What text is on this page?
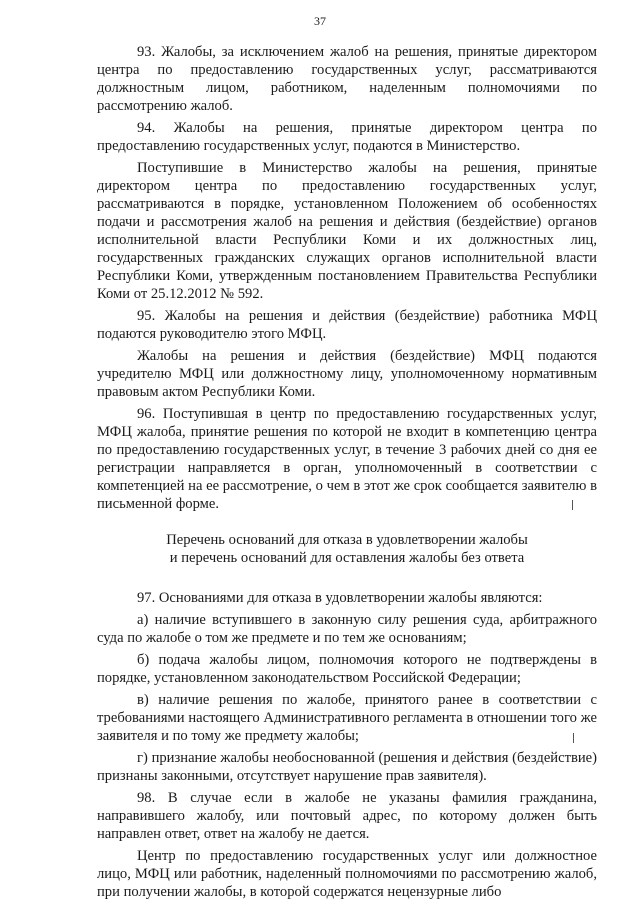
37

93. Жалобы, за исключением жалоб на решения, принятые директором центра по предоставлению государственных услуг, рассматриваются должностным лицом, работником, наделенным полномочиями по рассмотрению жалоб.

94. Жалобы на решения, принятые директором центра по предоставлению государственных услуг, подаются в Министерство.

Поступившие в Министерство жалобы на решения, принятые директором центра по предоставлению государственных услуг, рассматриваются в порядке, установленном Положением об особенностях подачи и рассмотрения жалоб на решения и действия (бездействие) органов исполнительной власти Республики Коми и их должностных лиц, государственных гражданских служащих органов исполнительной власти Республики Коми, утвержденным постановлением Правительства Республики Коми от 25.12.2012 № 592.

95. Жалобы на решения и действия (бездействие) работника МФЦ подаются руководителю этого МФЦ.

Жалобы на решения и действия (бездействие) МФЦ подаются учредителю МФЦ или должностному лицу, уполномоченному нормативным правовым актом Республики Коми.

96. Поступившая в центр по предоставлению государственных услуг, МФЦ жалоба, принятие решения по которой не входит в компетенцию центра по предоставлению государственных услуг, в течение 3 рабочих дней со дня ее регистрации направляется в орган, уполномоченный в соответствии с компетенцией на ее рассмотрение, о чем в этот же срок сообщается заявителю в письменной форме.

Перечень оснований для отказа в удовлетворении жалобы
и перечень оснований для оставления жалобы без ответа

97. Основаниями для отказа в удовлетворении жалобы являются:

а) наличие вступившего в законную силу решения суда, арбитражного суда по жалобе о том же предмете и по тем же основаниям;

б) подача жалобы лицом, полномочия которого не подтверждены в порядке, установленном законодательством Российской Федерации;

в) наличие решения по жалобе, принятого ранее в соответствии с требованиями настоящего Административного регламента в отношении того же заявителя и по тому же предмету жалобы;

г) признание жалобы необоснованной (решения и действия (бездействие) признаны законными, отсутствует нарушение прав заявителя).

98. В случае если в жалобе не указаны фамилия гражданина, направившего жалобу, или почтовый адрес, по которому должен быть направлен ответ, ответ на жалобу не дается.

Центр по предоставлению государственных услуг или должностное лицо, МФЦ или работник, наделенный полномочиями по рассмотрению жалоб, при получении жалобы, в которой содержатся нецензурные либо
